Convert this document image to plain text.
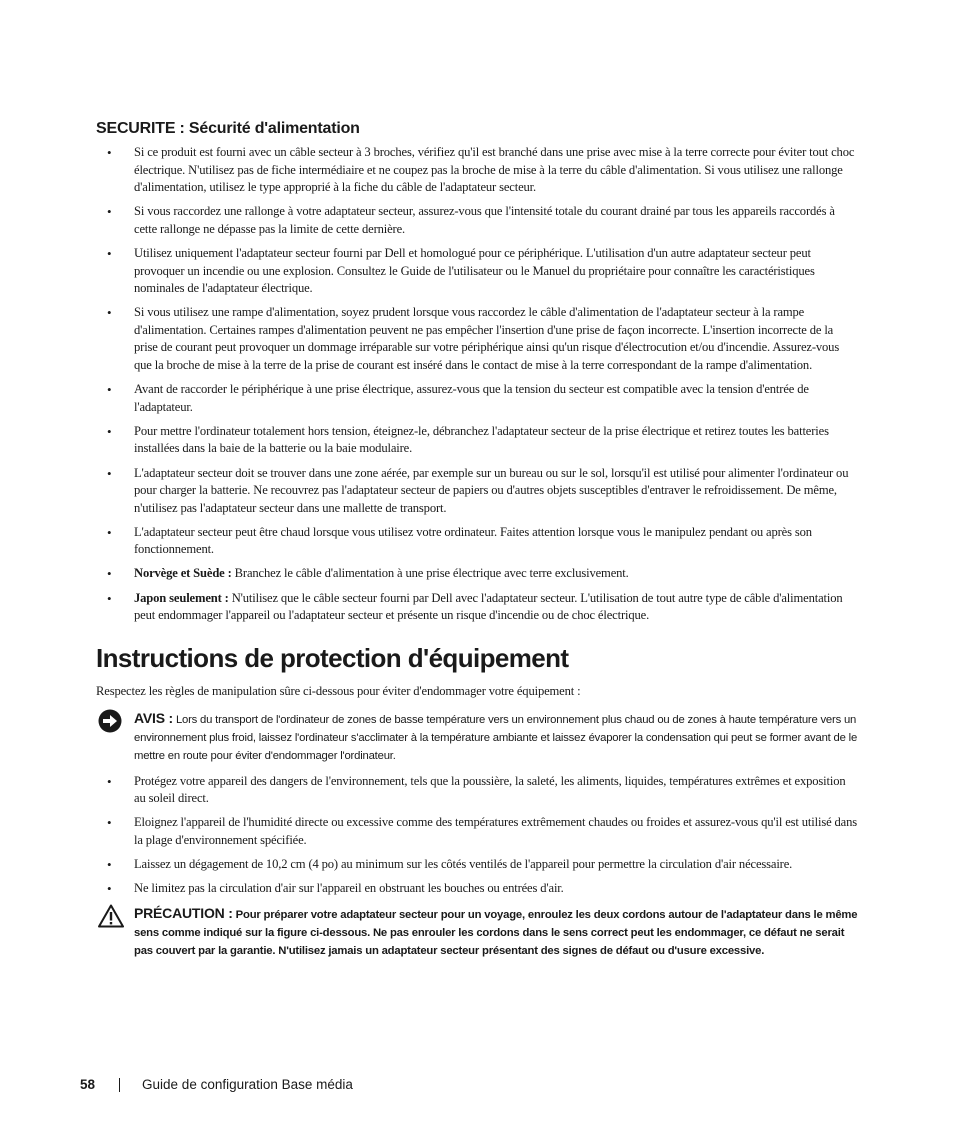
SECURITE : Sécurité d'alimentation
• Si ce produit est fourni avec un câble secteur à 3 broches, vérifiez qu'il est branché dans une prise avec mise à la terre correcte pour éviter tout choc électrique. N'utilisez pas de fiche intermédiaire et ne coupez pas la broche de mise à la terre du câble d'alimentation. Si vous utilisez une rallonge d'alimentation, utilisez le type approprié à la fiche du câble de l'adaptateur secteur.
• Si vous raccordez une rallonge à votre adaptateur secteur, assurez-vous que l'intensité totale du courant drainé par tous les appareils raccordés à cette rallonge ne dépasse pas la limite de cette dernière.
• Utilisez uniquement l'adaptateur secteur fourni par Dell et homologué pour ce périphérique. L'utilisation d'un autre adaptateur secteur peut provoquer un incendie ou une explosion. Consultez le Guide de l'utilisateur ou le Manuel du propriétaire pour connaître les caractéristiques nominales de l'adaptateur électrique.
• Si vous utilisez une rampe d'alimentation, soyez prudent lorsque vous raccordez le câble d'alimentation de l'adaptateur secteur à la rampe d'alimentation. Certaines rampes d'alimentation peuvent ne pas empêcher l'insertion d'une prise de façon incorrecte. L'insertion incorrecte de la prise de courant peut provoquer un dommage irréparable sur votre périphérique ainsi qu'un risque d'électrocution et/ou d'incendie. Assurez-vous que la broche de mise à la terre de la prise de courant est inséré dans le contact de mise à la terre correspondant de la rampe d'alimentation.
• Avant de raccorder le périphérique à une prise électrique, assurez-vous que la tension du secteur est compatible avec la tension d'entrée de l'adaptateur.
• Pour mettre l'ordinateur totalement hors tension, éteignez-le, débranchez l'adaptateur secteur de la prise électrique et retirez toutes les batteries installées dans la baie de la batterie ou la baie modulaire.
• L'adaptateur secteur doit se trouver dans une zone aérée, par exemple sur un bureau ou sur le sol, lorsqu'il est utilisé pour alimenter l'ordinateur ou pour charger la batterie. Ne recouvrez pas l'adaptateur secteur de papiers ou d'autres objets susceptibles d'entraver le refroidissement. De même, n'utilisez pas l'adaptateur secteur dans une mallette de transport.
• L'adaptateur secteur peut être chaud lorsque vous utilisez votre ordinateur. Faites attention lorsque vous le manipulez pendant ou après son fonctionnement.
• Norvège et Suède : Branchez le câble d'alimentation à une prise électrique avec terre exclusivement.
• Japon seulement : N'utilisez que le câble secteur fourni par Dell avec l'adaptateur secteur. L'utilisation de tout autre type de câble d'alimentation peut endommager l'appareil ou l'adaptateur secteur et présente un risque d'incendie ou de choc électrique.
Instructions de protection d'équipement

Respectez les règles de manipulation sûre ci-dessous pour éviter d'endommager votre équipement :

AVIS : Lors du transport de l'ordinateur de zones de basse température vers un environnement plus chaud ou de zones à haute température vers un environnement plus froid, laissez l'ordinateur s'acclimater à la température ambiante et laissez évaporer la condensation qui peut se former avant de le mettre en route pour éviter d'endommager l'ordinateur.
• Protégez votre appareil des dangers de l'environnement, tels que la poussière, la saleté, les aliments, liquides, températures extrêmes et exposition au soleil direct.
• Eloignez l'appareil de l'humidité directe ou excessive comme des températures extrêmement chaudes ou froides et assurez-vous qu'il est utilisé dans la plage d'environnement spécifiée.
• Laissez un dégagement de 10,2 cm (4 po) au minimum sur les côtés ventilés de l'appareil pour permettre la circulation d'air nécessaire.
• Ne limitez pas la circulation d'air sur l'appareil en obstruant les bouches ou entrées d'air.
PRÉCAUTION : Pour préparer votre adaptateur secteur pour un voyage, enroulez les deux cordons autour de l'adaptateur dans le même sens comme indiqué sur la figure ci-dessous. Ne pas enrouler les cordons dans le sens correct peut les endommager, ce défaut ne serait pas couvert par la garantie. N'utilisez jamais un adaptateur secteur présentant des signes de défaut ou d'usure excessive.
58	Guide de configuration Base média
